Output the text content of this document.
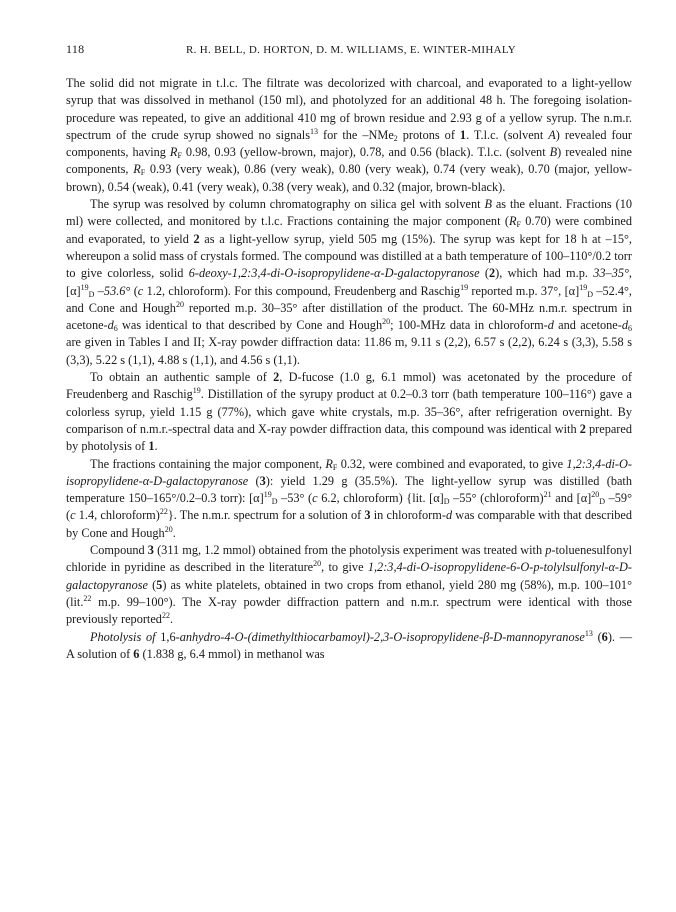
118	R. H. BELL, D. HORTON, D. M. WILLIAMS, E. WINTER-MIHALY

The solid did not migrate in t.l.c. The filtrate was decolorized with charcoal, and evaporated to a light-yellow syrup that was dissolved in methanol (150 ml), and photolyzed for an additional 48 h. The foregoing isolation-procedure was repeated, to give an additional 410 mg of brown residue and 2.93 g of a yellow syrup. The n.m.r. spectrum of the crude syrup showed no signals$^{13}$ for the –NMe$_2$ protons of 1. T.l.c. (solvent A) revealed four components, having $R_F$ 0.98, 0.93 (yellow-brown, major), 0.78, and 0.56 (black). T.l.c. (solvent B) revealed nine components, $R_F$ 0.93 (very weak), 0.86 (very weak), 0.80 (very weak), 0.74 (very weak), 0.70 (major, yellow-brown), 0.54 (weak), 0.41 (very weak), 0.38 (very weak), and 0.32 (major, brown-black).

The syrup was resolved by column chromatography on silica gel with solvent B as the eluant. Fractions (10 ml) were collected, and monitored by t.l.c. Fractions containing the major component ($R_F$ 0.70) were combined and evaporated, to yield 2 as a light-yellow syrup, yield 505 mg (15%). The syrup was kept for 18 h at –15°, whereupon a solid mass of crystals formed. The compound was distilled at a bath temperature of 100–110°/0.2 torr to give colorless, solid 6-deoxy-1,2:3,4-di-O-isopropylidene-α-D-galactopyranose (2), which had m.p. 33–35°, $[\alpha]^{19}_D$ –53.6° (c 1.2, chloroform). For this compound, Freudenberg and Raschig$^{19}$ reported m.p. 37°, $[\alpha]^{19}_D$ –52.4°, and Cone and Hough$^{20}$ reported m.p. 30–35° after distillation of the product. The 60-MHz n.m.r. spectrum in acetone-$d_6$ was identical to that described by Cone and Hough$^{20}$; 100-MHz data in chloroform-d and acetone-$d_6$ are given in Tables I and II; X-ray powder diffraction data: 11.86 m, 9.11 s (2,2), 6.57 s (2,2), 6.24 s (3,3), 5.58 s (3,3), 5.22 s (1,1), 4.88 s (1,1), and 4.56 s (1,1).

To obtain an authentic sample of 2, D-fucose (1.0 g, 6.1 mmol) was acetonated by the procedure of Freudenberg and Raschig$^{19}$. Distillation of the syrupy product at 0.2–0.3 torr (bath temperature 100–116°) gave a colorless syrup, yield 1.15 g (77%), which gave white crystals, m.p. 35–36°, after refrigeration overnight. By comparison of n.m.r.-spectral data and X-ray powder diffraction data, this compound was identical with 2 prepared by photolysis of 1.

The fractions containing the major component, $R_F$ 0.32, were combined and evaporated, to give 1,2:3,4-di-O-isopropylidene-α-D-galactopyranose (3): yield 1.29 g (35.5%). The light-yellow syrup was distilled (bath temperature 150–165°/0.2–0.3 torr): $[\alpha]^{19}_D$ –53° (c 6.2, chloroform) {lit. $[\alpha]_D$ –55° (chloroform)$^{21}$ and $[\alpha]^{20}_D$ –59° (c 1.4, chloroform)$^{22}$}. The n.m.r. spectrum for a solution of 3 in chloroform-d was comparable with that described by Cone and Hough$^{20}$.

Compound 3 (311 mg, 1.2 mmol) obtained from the photolysis experiment was treated with p-toluenesulfonyl chloride in pyridine as described in the literature$^{20}$, to give 1,2:3,4-di-O-isopropylidene-6-O-p-tolylsulfonyl-α-D-galactopyranose (5) as white platelets, obtained in two crops from ethanol, yield 280 mg (58%), m.p. 100–101° (lit.$^{22}$ m.p. 99–100°). The X-ray powder diffraction pattern and n.m.r. spectrum were identical with those previously reported$^{22}$.

Photolysis of 1,6-anhydro-4-O-(dimethylthiocarbamoyl)-2,3-O-isopropylidene-β-D-mannopyranose$^{13}$ (6). — A solution of 6 (1.838 g, 6.4 mmol) in methanol was
